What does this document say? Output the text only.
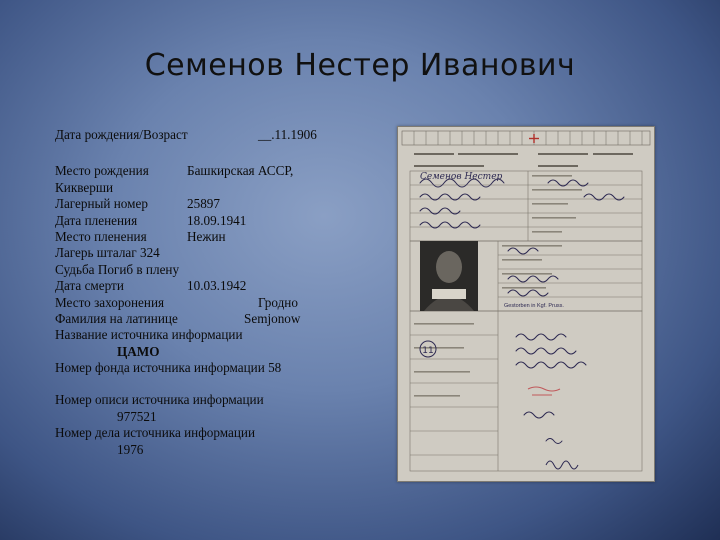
Семенов Нестер Иванович
Дата рождения/Возраст	__.11.1906
Место рождения	Башкирская АССР,
Кикверши
Лагерный номер	25897
Дата пленения	18.09.1941
Место пленения	Нежин
Лагерь шталаг 324
Судьба Погиб в плену
Дата смерти	10.03.1942
Место захоронения	Гродно
Фамилия на латинице	Semjonow
Название источника информации
ЦАМО
Номер фонда источника информации 58
Номер описи источника информации
977521
Номер дела источника информации
1976
Семенов Нестер
11
Gestorben in Kgf. Pruss.
